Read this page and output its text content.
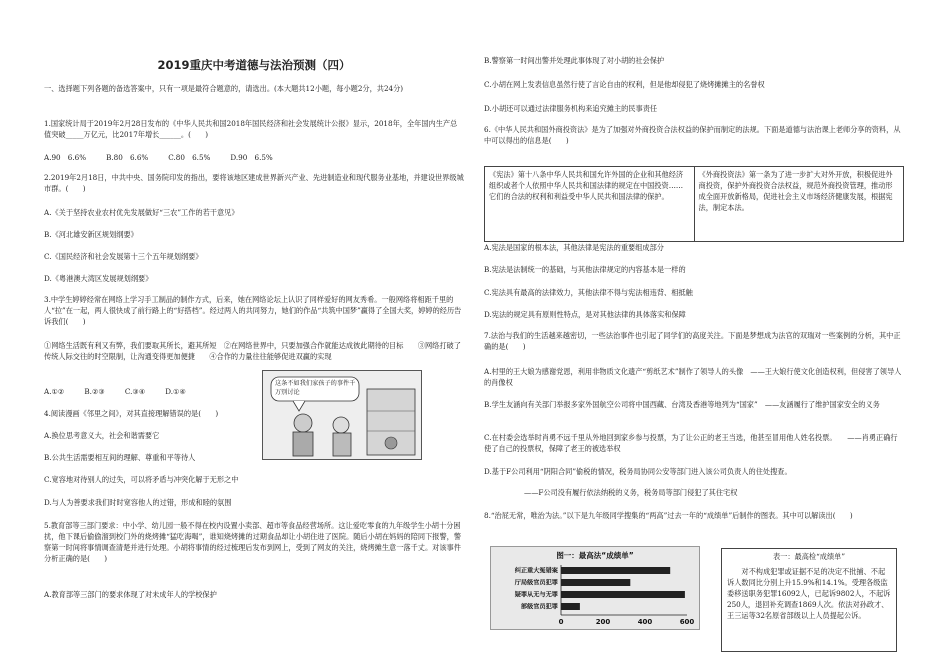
2019重庆中考道德与法治预测（四）
一、选择题下列各题的备选答案中，只有一项是最符合题意的，请选出。(本大题共12小题，每小题2分，共24分)
1.国家统计局于2019年2月28日发布的《中华人民共和国2018年国民经济和社会发展统计公报》显示，2018年，全年国内生产总值突破_____万亿元，比2017年增长______。(　　)
A.90　6.6%	B.80　6.6%	C.80　6.5%	D.90　6.5%
2.2019年2月18日，中共中央、国务院印发的指出，要将该地区建成世界新兴产业、先进制造业和现代服务业基地，并建设世界级城市群。(　　)
A.《关于坚持农业农村优先发展做好“三农”工作的若干意见》
B.《河北雄安新区规划纲要》
C.《国民经济和社会发展第十三个五年规划纲要》
D.《粤港澳大湾区发展规划纲要》
3.中学生婷婷经常在网络上学习手工制品的制作方式，后来，她在网络论坛上认识了同样爱好的网友秀希。一般网络将相距千里的人“拉”在一起，两人很快成了前行路上的“好搭档”。经过两人的共同努力，她们的作品“共筑中国梦”赢得了全国大奖，婷婷的经历告诉我们(　　)
①网络生活既有利又有弊，我们要取其所长，避其所短　②在网络世界中，只要加强合作就能达成彼此期待的目标　　③网络打破了传统人际交往的时空限制，让沟通变得更加便捷　　④合作的力量往往能够促进双赢的实现
A.①②	B.②③	C.③④	D.①④
4.阅读漫画《邻里之间》，对其直接理解错误的是(　　)
A.换位思考意义大，社会和谐需要它
B.公共生活需要相互间的理解、尊重和平等待人
C.宽容地对待别人的过失，可以将矛盾与冲突化解于无形之中
D.与人为善要求我们时时宽容他人的过错，形成和睦的氛围
5.教育部等三部门要求：中小学、幼儿园一般不得在校内设置小卖部、超市等食品经营场所。这让爱吃零食的九年级学生小胡十分困扰，他下课后偷偷溜到校门外的烧烤摊“猛吃海喝”，谁知烧烤摊的过期食品却让小胡住进了医院。随后小胡在妈妈的陪同下报警，警察第一时间将事情调查清楚并进行处理。小胡将事情的经过梳理后发布到网上，受到了网友的关注，烧烤摊生意一落千丈。对该事件分析正确的是(　　)
A.教育部等三部门的要求体现了对未成年人的学校保护
这条不如我们家孩子的事件千万别讨论
B.警察第一时间出警并处理此事体现了对小胡的社会保护
C.小胡在网上发表信息虽然行使了言论自由的权利，但是他却侵犯了烧烤摊摊主的名誉权
D.小胡还可以通过法律服务机构来追究摊主的民事责任
6.《中华人民共和国外商投资法》是为了加强对外商投资合法权益的保护而制定的法规。下面是道德与法治课上老师分享的资料，从中可以得出的信息是(　　)
《宪法》第十八条中华人民共和国允许外国的企业和其他经济组织或者个人依照中华人民共和国法律的规定在中国投资……它们的合法的权利和利益受中华人民共和国法律的保护。
《外商投资法》第一条为了进一步扩大对外开放，积极促进外商投资，保护外商投资合法权益，规范外商投资管理，推动形成全面开放新格局，促进社会主义市场经济健康发展，根据宪法，制定本法。
A.宪法是国家的根本法，其他法律是宪法的重要组成部分
B.宪法是法制统一的基础，与其他法律规定的内容基本是一样的
C.宪法具有最高的法律效力，其他法律不得与宪法相违背、相抵触
D.宪法的规定具有原则性特点，是对其他法律的具体落实和保障
7.法治与我们的生活越来越密切，一些法治事件也引起了同学们的高度关注。下面是梦想成为法官的双瑞对一些案例的分析，其中正确的是(　　)
A.村里的王大娘为感谢党恩，利用非物质文化遗产“剪纸艺术”制作了领导人的头像　——王大娘行使文化创造权利，但侵害了领导人的肖像权
B.学生友涵向有关部门举报多家外国航空公司将中国西藏、台湾及香港等地列为“国家”　——友涵履行了维护国家安全的义务
C.在村委会选举时肖勇不远千里从外地回到家乡参与投票，为了让公正的老王当选，他甚至冒用他人姓名投票。　　——肖勇正确行使了自己的投票权，保障了老王的被选举权
D.基于F公司利用“阴阳合同”偷税的情况，税务局协同公安等部门进入该公司负责人的住处搜查。
——F公司没有履行依法纳税的义务，税务局等部门侵犯了其住宅权
8.“治屁无常，唯治为法。”以下是九年级同学搜集的“两高”过去一年的“成绩单”后制作的图表。其中可以解读出(　　)
图一：最高法“成绩单”
纠正重大冤错案
厅局级官员犯罪
疑罪从无与无罪
部级官员犯罪
0	200	400	600
表一：最高检“成绩单”
对不构成犯罪或证据不足的决定不批捕、不起诉人数同比分别上升15.9%和14.1%。受理各级监委移送职务犯罪16092人，已起诉9802人，不起诉250人，退回补充调查1869人次。依法对孙政才、王三运等32名原省部级以上人员提起公诉。
